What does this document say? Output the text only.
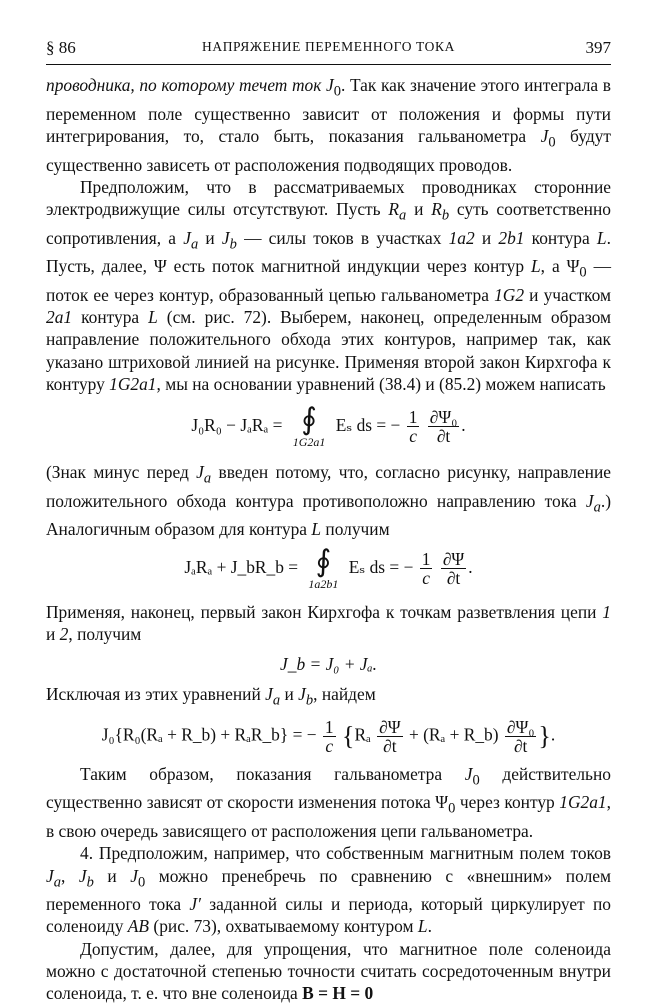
§ 86	НАПРЯЖЕНИЕ ПЕРЕМЕННОГО ТОКА	397

проводника, по которому течет ток $J_0$. Так как значение этого интеграла в переменном поле существенно зависит от положения и формы пути интегрирования, то, стало быть, показания гальванометра $J_0$ будут существенно зависеть от расположения подводящих проводов.

Предположим, что в рассматриваемых проводниках сторонние электродвижущие силы отсутствуют. Пусть $R_a$ и $R_b$ суть соответственно сопротивления, а $J_a$ и $J_b$ — силы токов в участках 1a2 и 2b1 контура L. Пусть, далее, Ψ есть поток магнитной индукции через контур L, а $\Psi_0$ — поток ее через контур, образованный цепью гальванометра 1G2 и участком 2a1 контура L (см. рис. 72). Выберем, наконец, определенным образом направление положительного обхода этих контуров, например так, как указано штриховой линией на рисунке. Применяя второй закон Кирхгофа к контуру 1G2a1, мы на основании уравнений (38.4) и (85.2) можем написать

J₀R₀ − JₐRₐ = ∮
1G2a1
Eₛ ds = − $\frac{1}{c}$
$\frac{\text{∂Ψ₀}}{\partial t}$ .

(Знак минус перед $J_a$ введен потому, что, согласно рисунку, направление положительного обхода контура противоположно направлению тока $J_a$.) Аналогичным образом для контура L получим

JₐRₐ + J_bR_b = ∮
1a2b1
Eₛ ds = − $\frac{1}{c}$
$\frac{\partial\Psi}{\partial t}$ .

Применяя, наконец, первый закон Кирхгофа к точкам разветвления цепи 1 и 2, получим

J_b = J₀ + Jₐ.

Исключая из этих уравнений $J_a$ и $J_b$, найдем

J₀{R₀(Rₐ + R_b) + RₐR_b} = − $\frac{1}{c} \{R_a \frac{\partial\Psi}{\partial t} + (R_a$ + R_b) $\frac{\text{∂Ψ₀}}{\partial t}$ }.

Таким образом, показания гальванометра $J_0$ действительно существенно зависят от скорости изменения потока $\Psi_0$ через контур 1G2a1, в свою очередь зависящего от расположения цепи гальванометра.

4. Предположим, например, что собственным магнитным полем токов $J_a$, $J_b$ и $J_0$ можно пренебречь по сравнению с «внешним» полем переменного тока J′ заданной силы и периода, который циркулирует по соленоиду AB (рис. 73), охватываемому контуром L.

Допустим, далее, для упрощения, что магнитное поле соленоида можно с достаточной степенью точности считать сосредоточенным внутри соленоида, т. е. что вне соленоида B = H = 0
